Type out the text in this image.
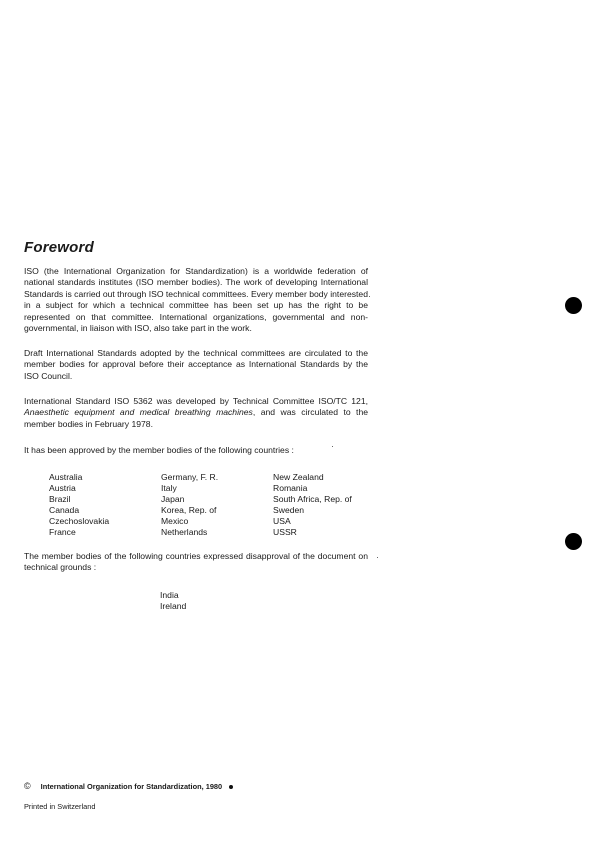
Foreword

ISO (the International Organization for Standardization) is a worldwide federation of national standards institutes (ISO member bodies). The work of developing International Standards is carried out through ISO technical committees. Every member body interested in a subject for which a technical committee has been set up has the right to be represented on that committee. International organizations, governmental and non-governmental, in liaison with ISO, also take part in the work.

Draft International Standards adopted by the technical committees are circulated to the member bodies for approval before their acceptance as International Standards by the ISO Council.

International Standard ISO 5362 was developed by Technical Committee ISO/TC 121, Anaesthetic equipment and medical breathing machines, and was circulated to the member bodies in February 1978.

It has been approved by the member bodies of the following countries :

Australia	Germany, F. R.	New Zealand
Austria	Italy	Romania
Brazil	Japan	South Africa, Rep. of
Canada	Korea, Rep. of	Sweden
Czechoslovakia	Mexico	USA
France	Netherlands	USSR

The member bodies of the following countries expressed disapproval of the document on technical grounds :

India
Ireland
© International Organization for Standardization, 1980
Printed in Switzerland
